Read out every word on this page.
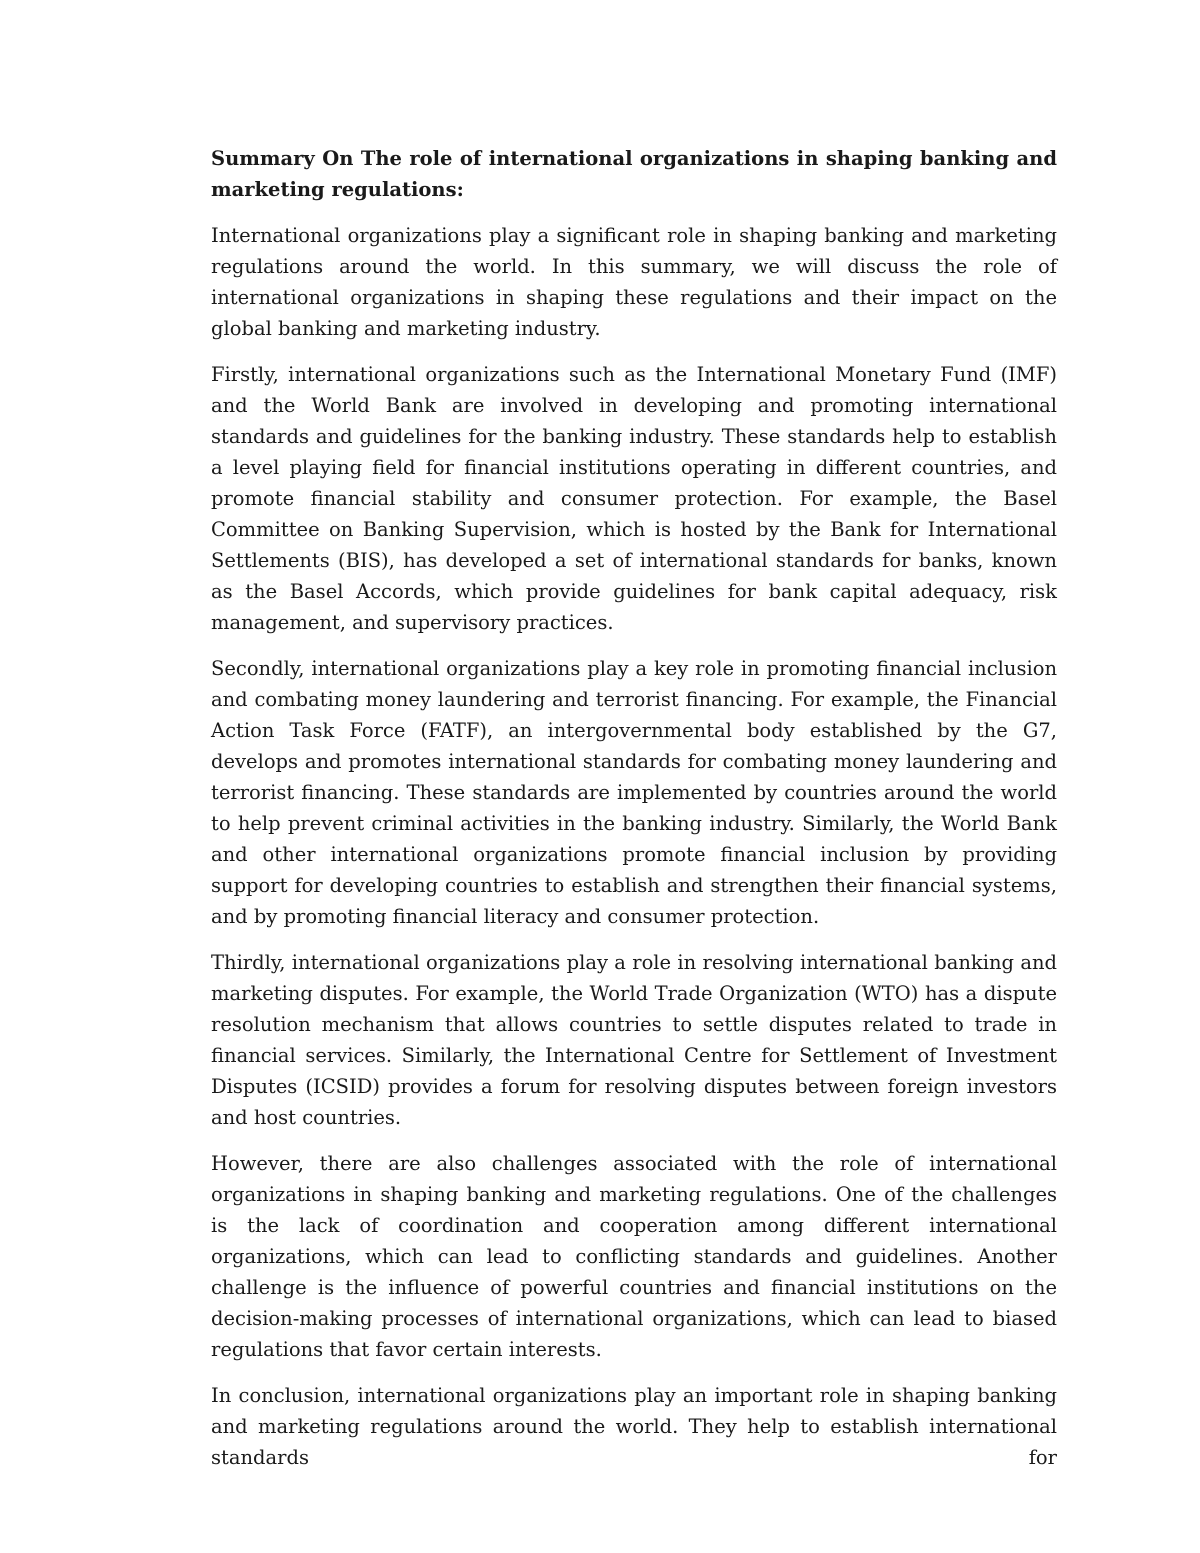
Summary On The role of international organizations in shaping banking and marketing regulations:

International organizations play a significant role in shaping banking and marketing regulations around the world. In this summary, we will discuss the role of international organizations in shaping these regulations and their impact on the global banking and marketing industry.

Firstly, international organizations such as the International Monetary Fund (IMF) and the World Bank are involved in developing and promoting international standards and guidelines for the banking industry. These standards help to establish a level playing field for financial institutions operating in different countries, and promote financial stability and consumer protection. For example, the Basel Committee on Banking Supervision, which is hosted by the Bank for International Settlements (BIS), has developed a set of international standards for banks, known as the Basel Accords, which provide guidelines for bank capital adequacy, risk management, and supervisory practices.

Secondly, international organizations play a key role in promoting financial inclusion and combating money laundering and terrorist financing. For example, the Financial Action Task Force (FATF), an intergovernmental body established by the G7, develops and promotes international standards for combating money laundering and terrorist financing. These standards are implemented by countries around the world to help prevent criminal activities in the banking industry. Similarly, the World Bank and other international organizations promote financial inclusion by providing support for developing countries to establish and strengthen their financial systems, and by promoting financial literacy and consumer protection.

Thirdly, international organizations play a role in resolving international banking and marketing disputes. For example, the World Trade Organization (WTO) has a dispute resolution mechanism that allows countries to settle disputes related to trade in financial services. Similarly, the International Centre for Settlement of Investment Disputes (ICSID) provides a forum for resolving disputes between foreign investors and host countries.

However, there are also challenges associated with the role of international organizations in shaping banking and marketing regulations. One of the challenges is the lack of coordination and cooperation among different international organizations, which can lead to conflicting standards and guidelines. Another challenge is the influence of powerful countries and financial institutions on the decision-making processes of international organizations, which can lead to biased regulations that favor certain interests.

In conclusion, international organizations play an important role in shaping banking and marketing regulations around the world. They help to establish international standards for
